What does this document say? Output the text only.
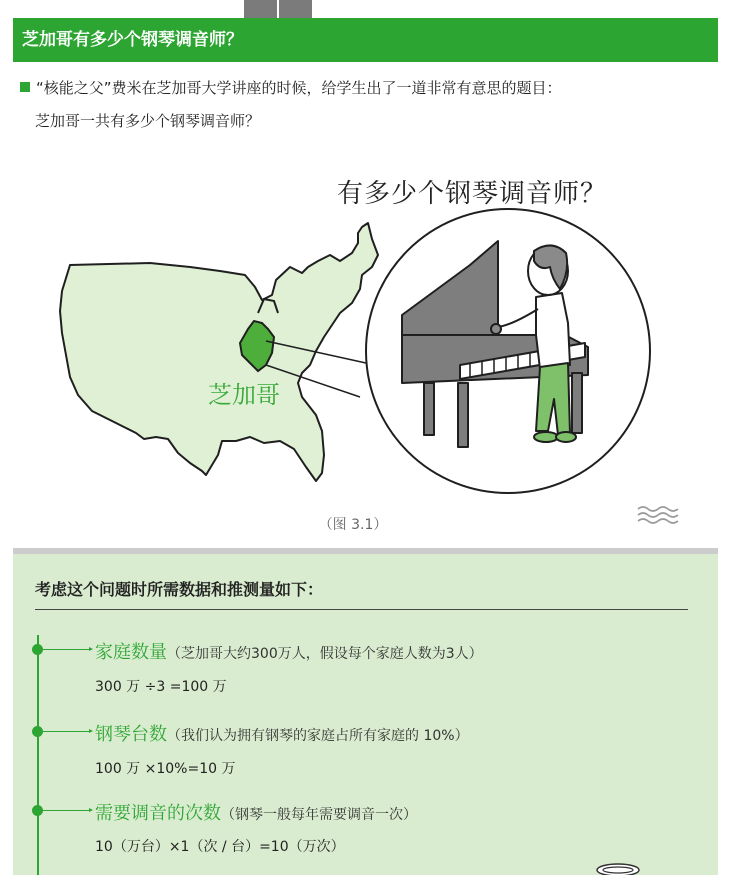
芝加哥有多少个钢琴调音师？
“核能之父”费米在芝加哥大学讲座的时候，给学生出了一道非常有意思的题目：
芝加哥一共有多少个钢琴调音师？
有多少个钢琴调音师？
芝加哥
（图 3.1）
考虑这个问题时所需数据和推测量如下：
家庭数量（芝加哥大约300万人，假设每个家庭人数为3人）
300 万 ÷3 =100 万
钢琴台数（我们认为拥有钢琴的家庭占所有家庭的 10%）
100 万 ×10%=10 万
需要调音的次数（钢琴一般每年需要调音一次）
10（万台）×1（次 / 台）=10（万次）
